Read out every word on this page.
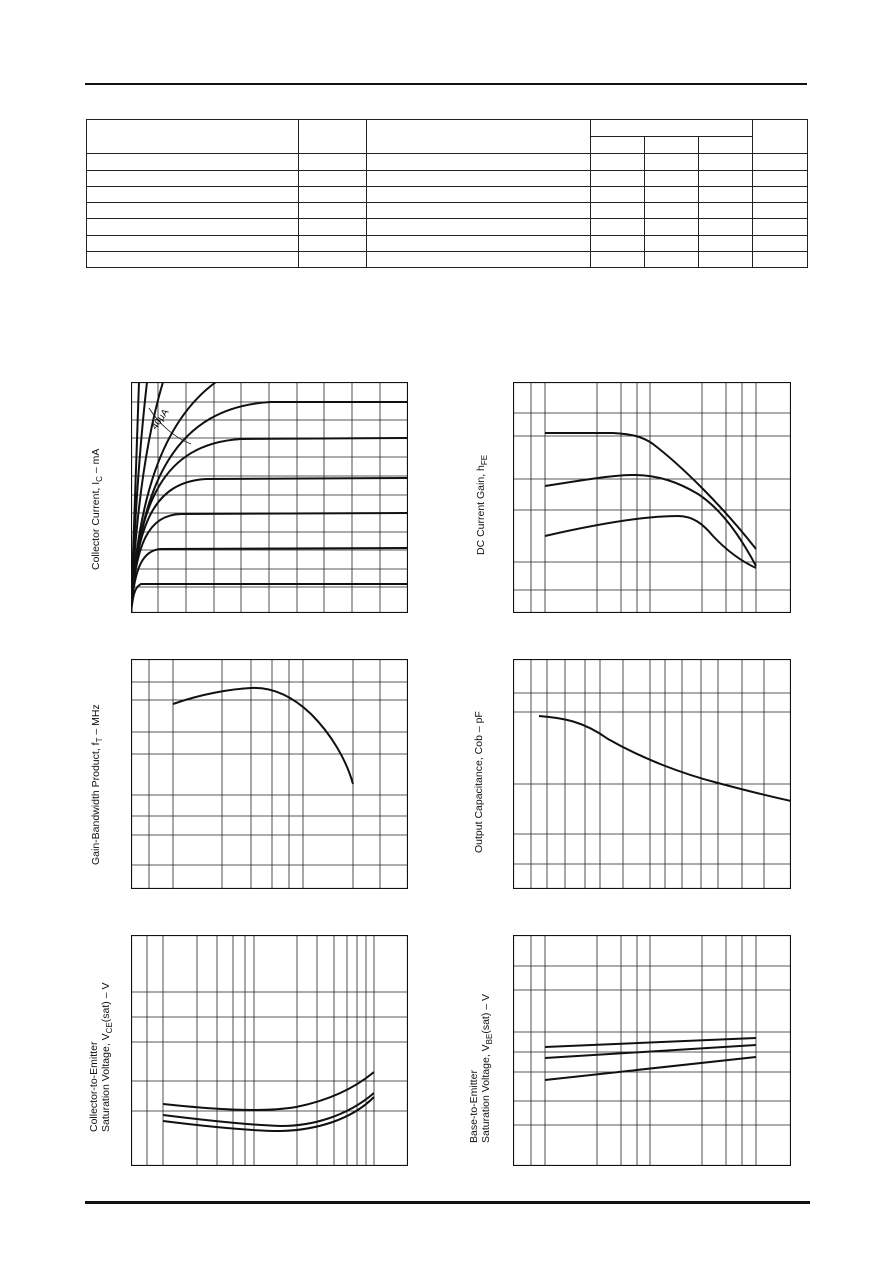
Collector Current, $I_C$ – mA
40μA
DC Current Gain, $h_{FE}$
Gain-Bandwidth Product, $f_T$ – MHz	Output Capacitance, Cob – pF
Collector-to-Emitter Saturation Voltage, $V_{CE}(sat)$ – V
Base-to-Emitter Saturation Voltage, $V_{BE}(sat)$ – V
